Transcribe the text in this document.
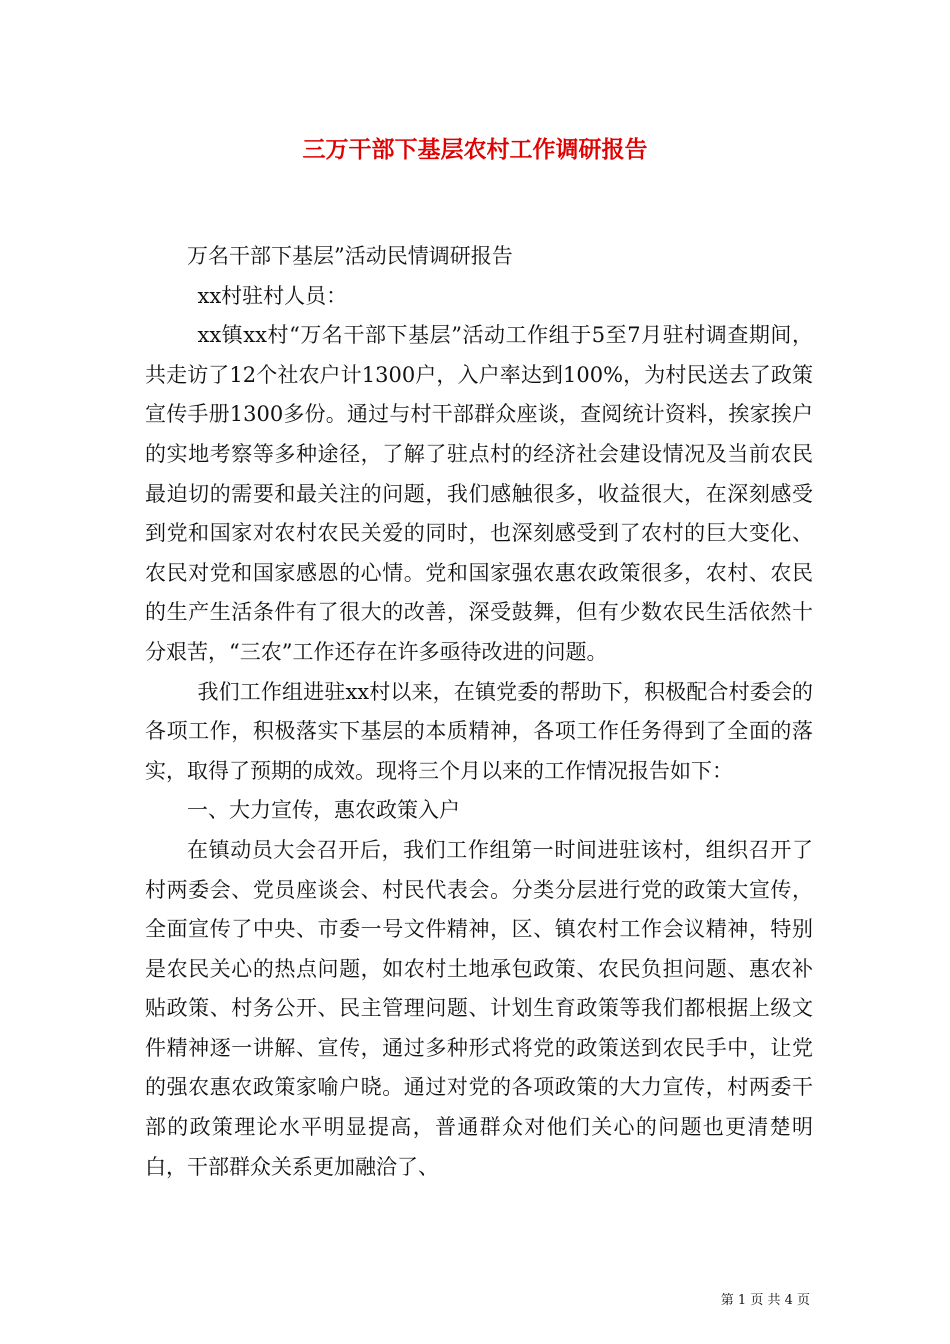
三万干部下基层农村工作调研报告

万名干部下基层”活动民情调研报告

xx村驻村人员：

xx镇xx村“万名干部下基层”活动工作组于5至7月驻村调查期间，共走访了12个社农户计1300户，入户率达到100%，为村民送去了政策宣传手册1300多份。通过与村干部群众座谈，查阅统计资料，挨家挨户的实地考察等多种途径，了解了驻点村的经济社会建设情况及当前农民最迫切的需要和最关注的问题，我们感触很多，收益很大，在深刻感受到党和国家对农村农民关爱的同时，也深刻感受到了农村的巨大变化、农民对党和国家感恩的心情。党和国家强农惠农政策很多，农村、农民的生产生活条件有了很大的改善，深受鼓舞，但有少数农民生活依然十分艰苦，“三农”工作还存在许多亟待改进的问题。

我们工作组进驻xx村以来，在镇党委的帮助下，积极配合村委会的各项工作，积极落实下基层的本质精神，各项工作任务得到了全面的落实，取得了预期的成效。现将三个月以来的工作情况报告如下：

一、大力宣传，惠农政策入户

在镇动员大会召开后，我们工作组第一时间进驻该村，组织召开了村两委会、党员座谈会、村民代表会。分类分层进行党的政策大宣传，全面宣传了中央、市委一号文件精神，区、镇农村工作会议精神，特别是农民关心的热点问题，如农村土地承包政策、农民负担问题、惠农补贴政策、村务公开、民主管理问题、计划生育政策等我们都根据上级文件精神逐一讲解、宣传，通过多种形式将党的政策送到农民手中，让党的强农惠农政策家喻户晓。通过对党的各项政策的大力宣传，村两委干部的政策理论水平明显提高，普通群众对他们关心的问题也更清楚明白，干部群众关系更加融洽了、

第 1 页 共 4 页
